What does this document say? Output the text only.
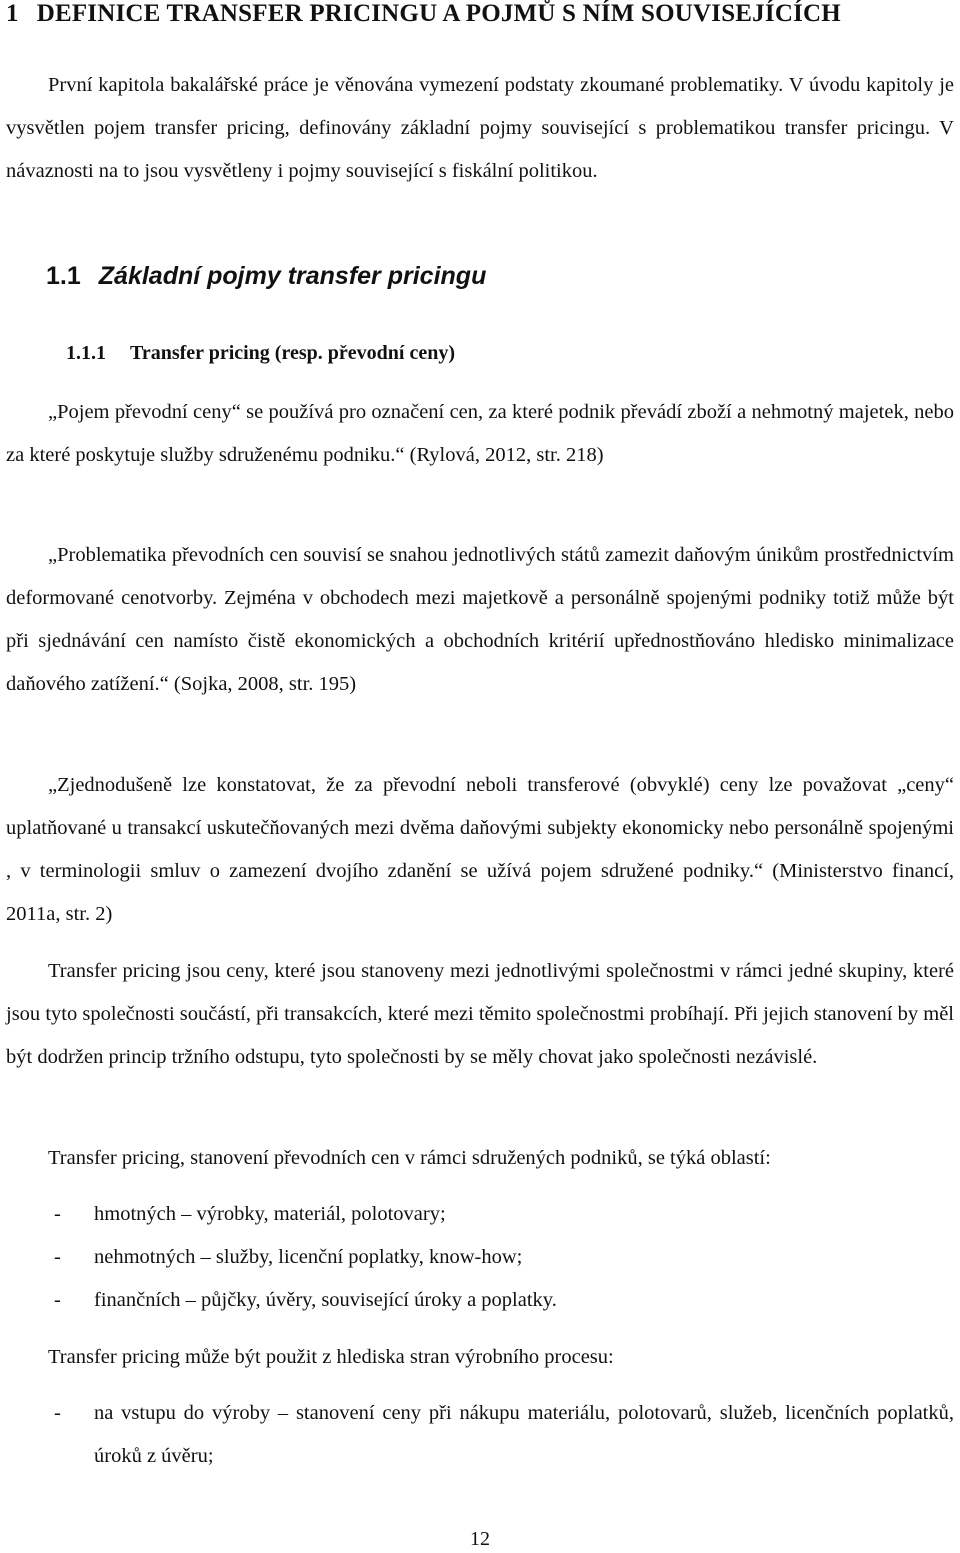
1 DEFINICE TRANSFER PRICINGU A POJMŮ S NÍM SOUVISEJÍCÍCH

První kapitola bakalářské práce je věnována vymezení podstaty zkoumané problematiky. V úvodu kapitoly je vysvětlen pojem transfer pricing, definovány základní pojmy související s problematikou transfer pricingu. V návaznosti na to jsou vysvětleny i pojmy související s fiskální politikou.

1.1 Základní pojmy transfer pricingu
1.1.1 Transfer pricing (resp. převodní ceny)

„Pojem převodní ceny“ se používá pro označení cen, za které podnik převádí zboží a nehmotný majetek, nebo za které poskytuje služby sdruženému podniku.“ (Rylová, 2012, str. 218)

„Problematika převodních cen souvisí se snahou jednotlivých států zamezit daňovým únikům prostřednictvím deformované cenotvorby. Zejména v obchodech mezi majetkově a personálně spojenými podniky totiž může být při sjednávání cen namísto čistě ekonomických a obchodních kritérií upřednostňováno hledisko minimalizace daňového zatížení.“ (Sojka, 2008, str. 195)

„Zjednodušeně lze konstatovat, že za převodní neboli transferové (obvyklé) ceny lze považovat „ceny“ uplatňované u transakcí uskutečňovaných mezi dvěma daňovými subjekty ekonomicky nebo personálně spojenými , v terminologii smluv o zamezení dvojího zdanění se užívá pojem sdružené podniky.“ (Ministerstvo financí, 2011a, str. 2)

Transfer pricing jsou ceny, které jsou stanoveny mezi jednotlivými společnostmi v rámci jedné skupiny, které jsou tyto společnosti součástí, při transakcích, které mezi těmito společnostmi probíhají. Při jejich stanovení by měl být dodržen princip tržního odstupu, tyto společnosti by se měly chovat jako společnosti nezávislé.

Transfer pricing, stanovení převodních cen v rámci sdružených podniků, se týká oblastí:

- hmotných – výrobky, materiál, polotovary;
- nehmotných – služby, licenční poplatky, know-how;
- finančních – půjčky, úvěry, související úroky a poplatky.

Transfer pricing může být použit z hlediska stran výrobního procesu:

- na vstupu do výroby – stanovení ceny při nákupu materiálu, polotovarů, služeb, licenčních poplatků, úroků z úvěru;
12
